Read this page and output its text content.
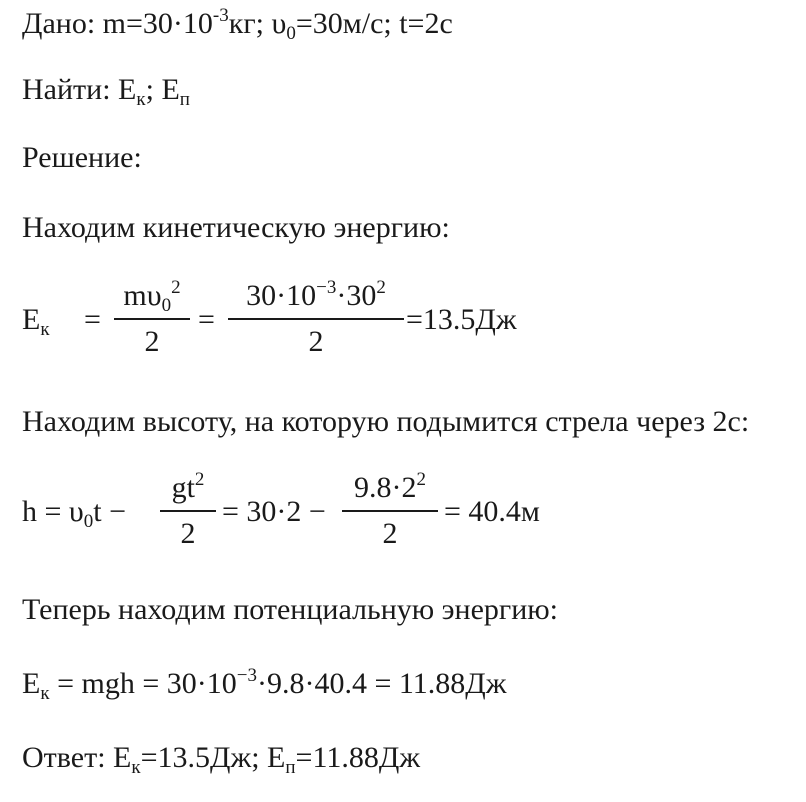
Дано: $m=30\cdot 10^{-3}кг$; $\upsilon_0=30м/с$; t=2с
Найти: $E_к$; $E_п$
Решение:
Находим кинетическую энергию:
$E_к$ =
$m\upsilon_0^2$
2
=
$30\cdot 10^{-3}\cdot 30^2$
2
=13.5Дж
Находим высоту, на которую подымится стрела через 2с:
$h = \upsilon_0t$ −
$gt^2$
2
= 30·2 −
$9.8\cdot 2^2$
2
= 40.4м
Теперь находим потенциальную энергию:
$E_к$ = mgh = $30\cdot 10^{-3}\cdot 9.8\cdot 40.4 = 11.88Дж$
Ответ: $E_к=13.5Дж$; $E_п=11.88Дж$
